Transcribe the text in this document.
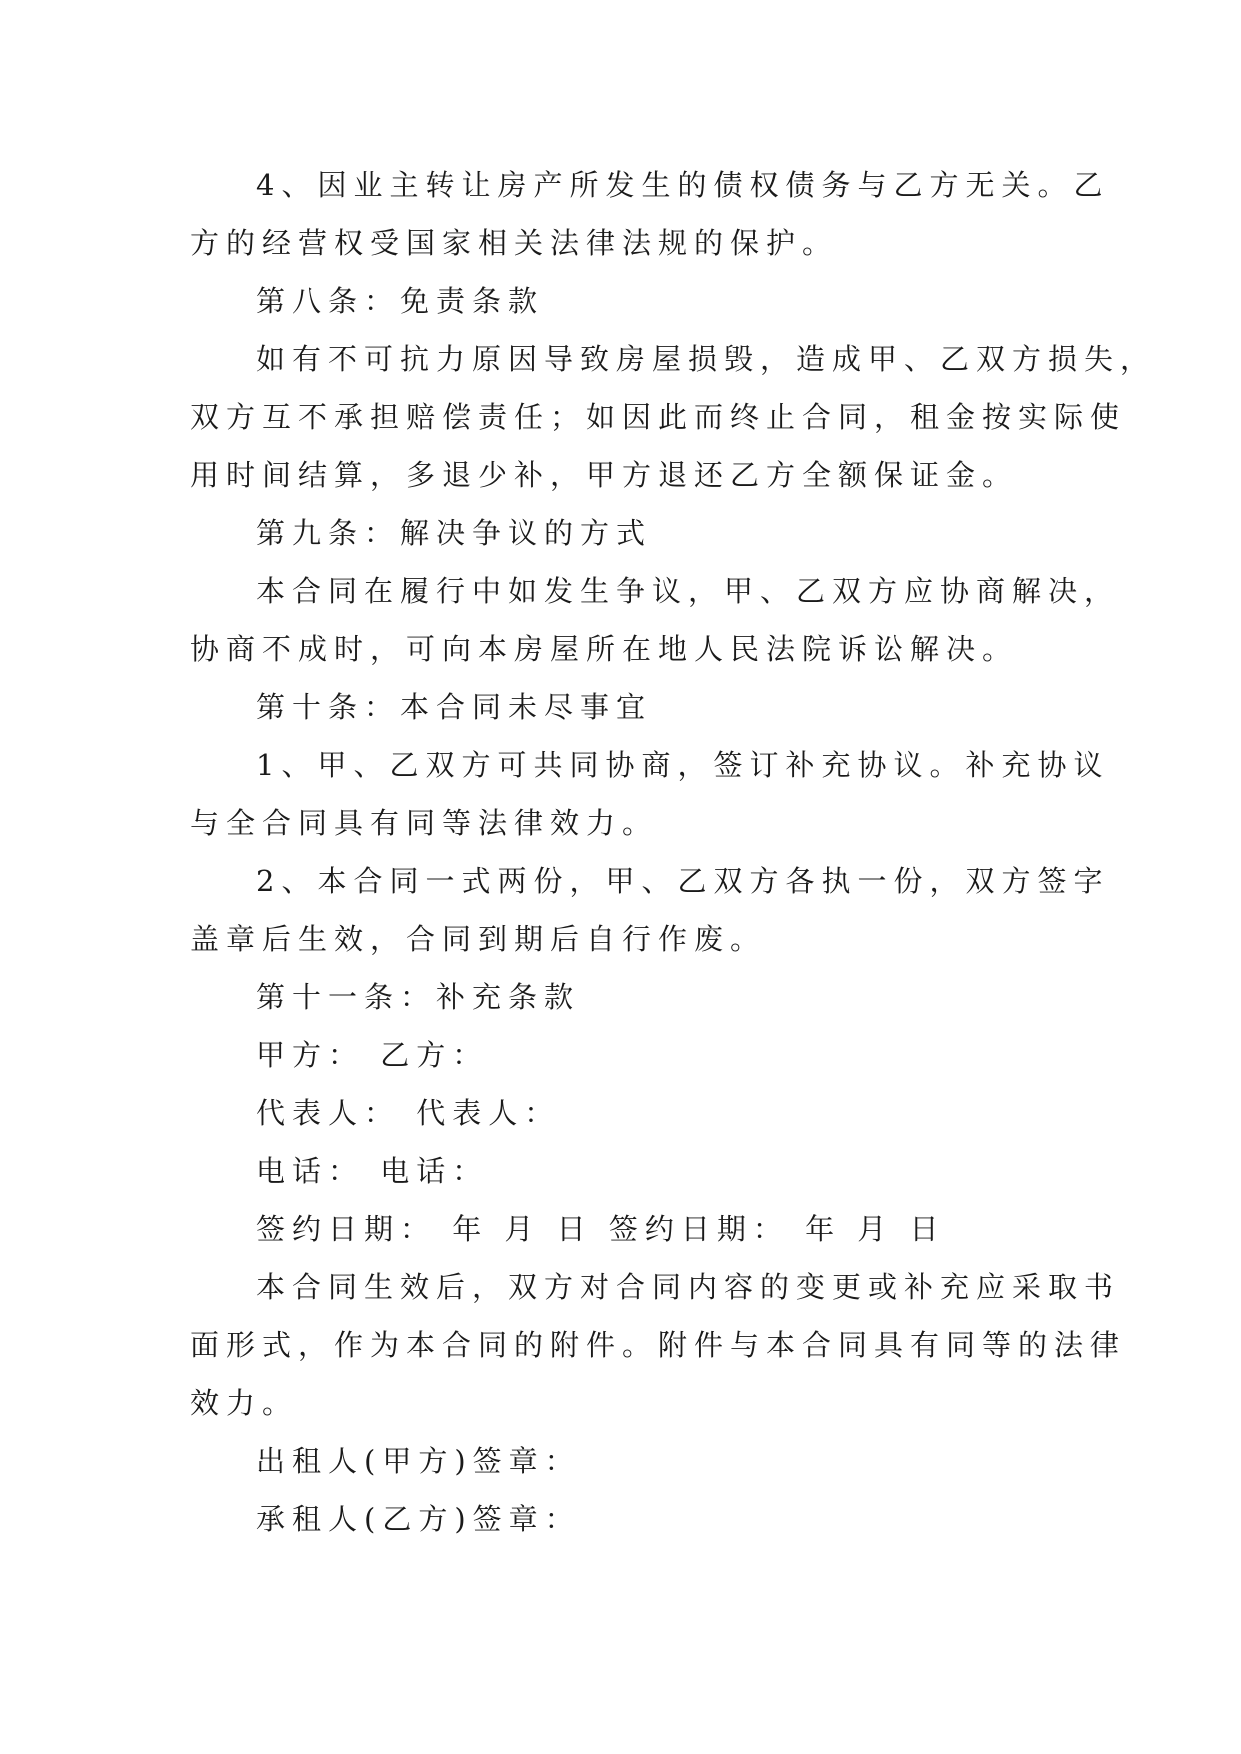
4、因业主转让房产所发生的债权债务与乙方无关。乙
方的经营权受国家相关法律法规的保护。
第八条：免责条款
如有不可抗力原因导致房屋损毁，造成甲、乙双方损失，
双方互不承担赔偿责任；如因此而终止合同，租金按实际使
用时间结算，多退少补，甲方退还乙方全额保证金。
第九条：解决争议的方式
本合同在履行中如发生争议，甲、乙双方应协商解决，
协商不成时，可向本房屋所在地人民法院诉讼解决。
第十条：本合同未尽事宜
1、甲、乙双方可共同协商，签订补充协议。补充协议
与全合同具有同等法律效力。
2、本合同一式两份，甲、乙双方各执一份，双方签字
盖章后生效，合同到期后自行作废。
第十一条：补充条款
甲方： 乙方：
代表人： 代表人：
电话： 电话：
签约日期： 年 月 日 签约日期： 年 月 日
本合同生效后，双方对合同内容的变更或补充应采取书
面形式，作为本合同的附件。附件与本合同具有同等的法律
效力。
出租人(甲方)签章：
承租人(乙方)签章：
